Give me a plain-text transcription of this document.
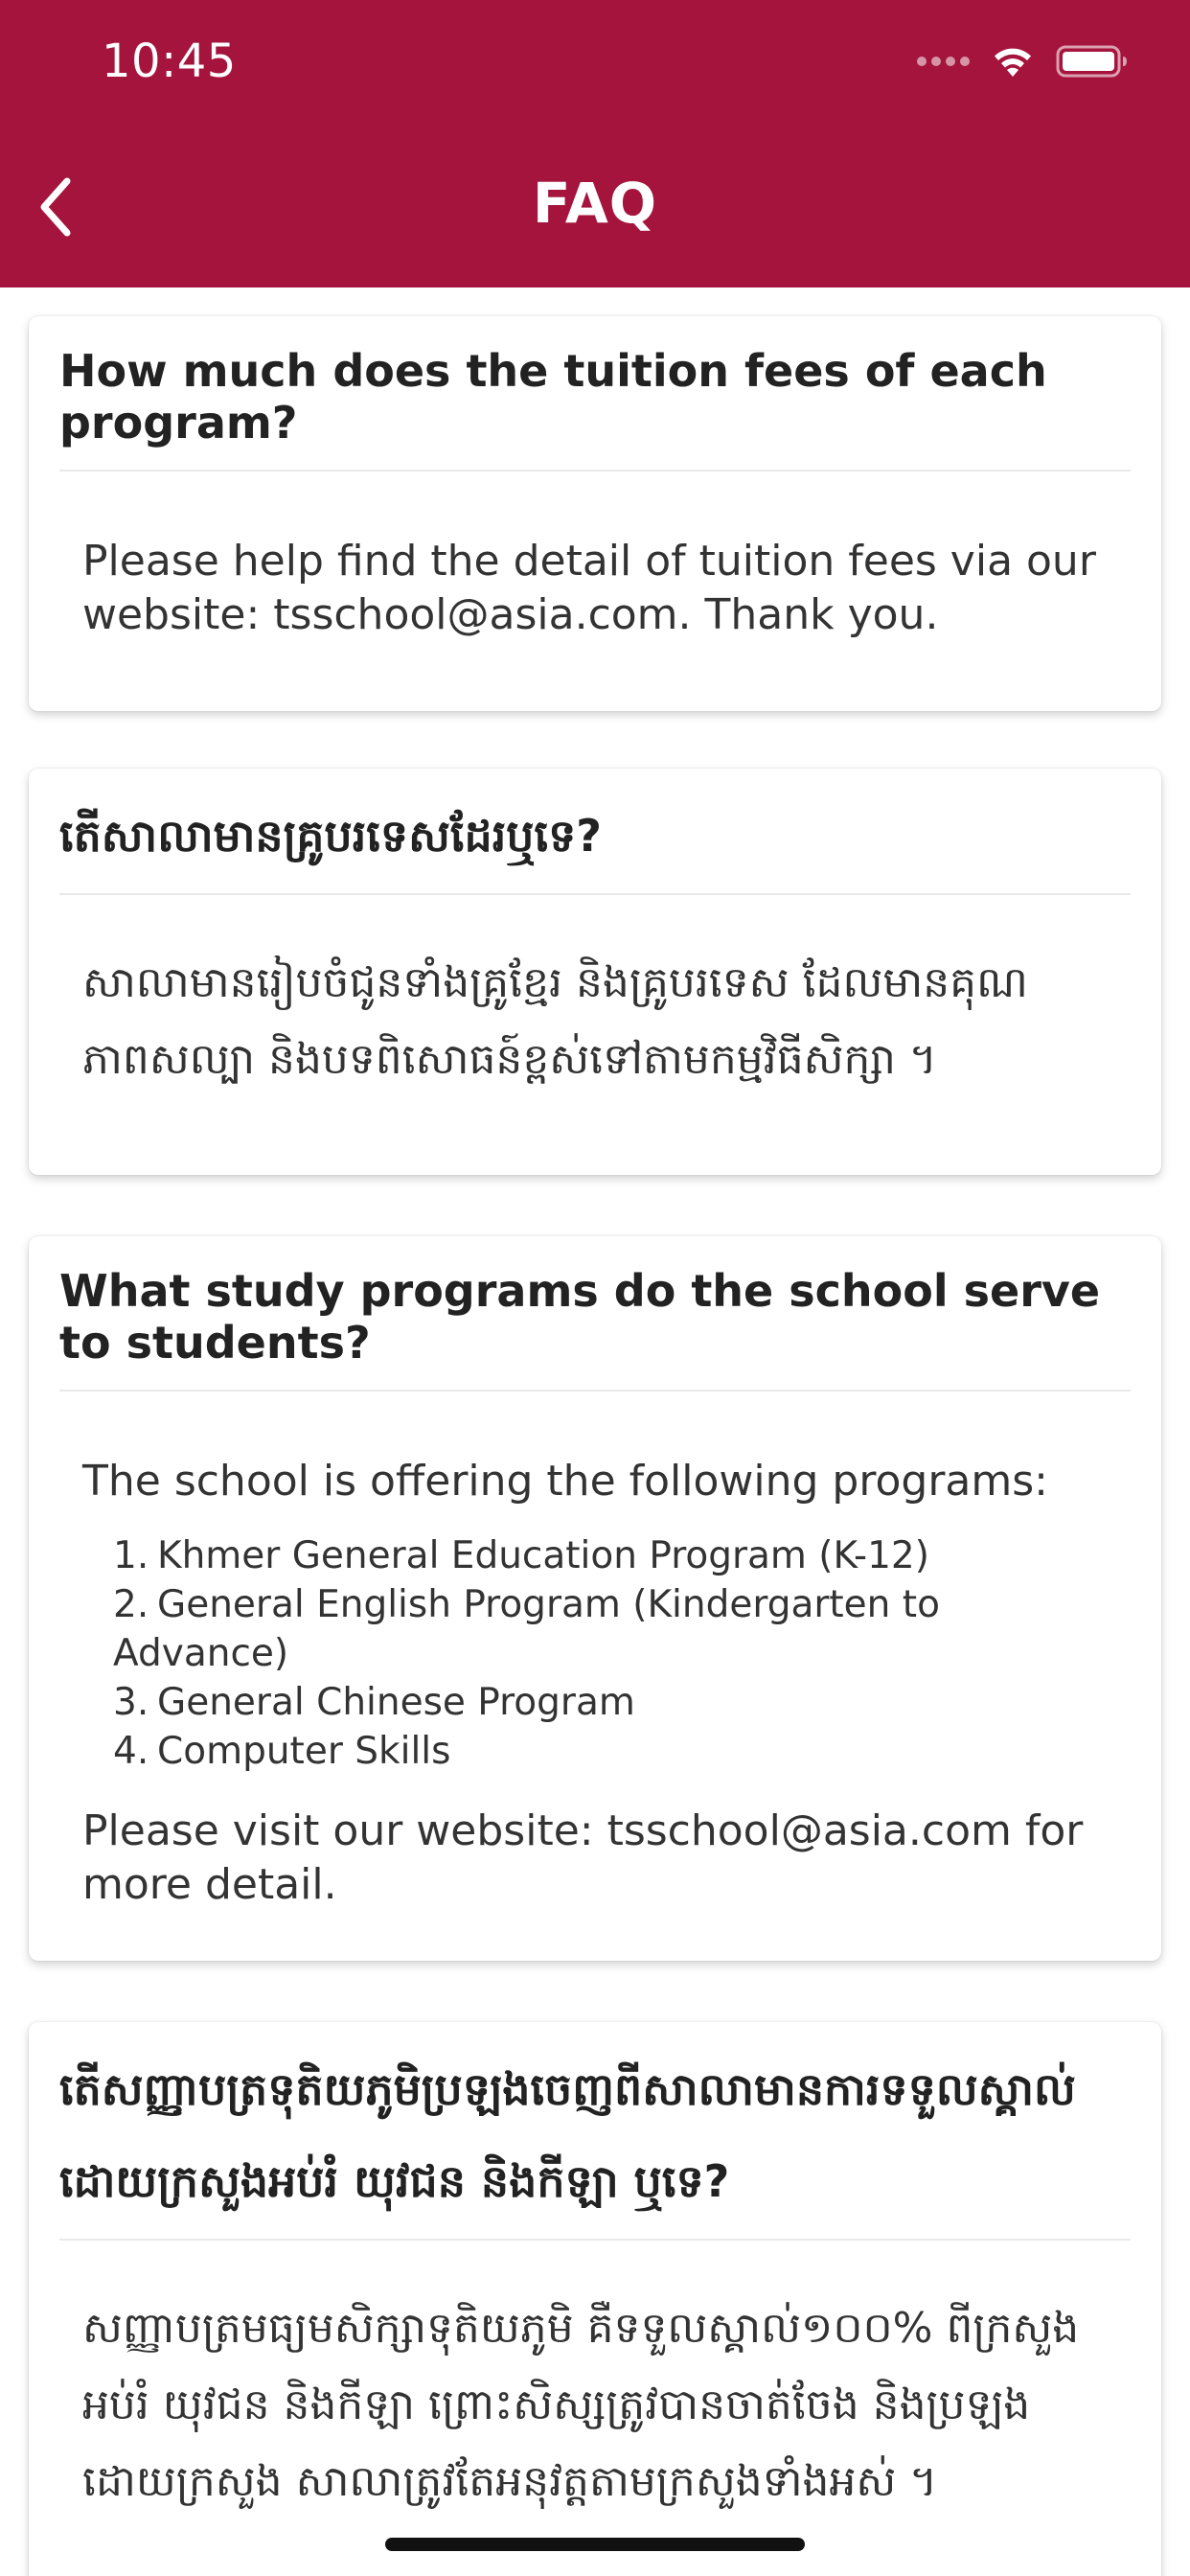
10:45
FAQ
How much does the tuition fees of each program?
Please help find the detail of tuition fees via our website: tsschool@asia.com. Thank you.
តើសាលាមានគ្រូបរទេសដែរឬទេ?
សាលាមានរៀបចំជូនទាំងគ្រូខ្មែរ និងគ្រូបរទេស ដែលមានគុណភាពសល្បា និងបទពិសោធន៍ខ្ពស់ទៅតាមកម្មវិធីសិក្សា ។
What study programs do the school serve to students?
The school is offering the following programs:
1. Khmer General Education Program (K-12)
2. General English Program (Kindergarten to Advance)
3. General Chinese Program
4. Computer Skills
Please visit our website: tsschool@asia.com for more detail.
តើសញ្ញាបត្រទុតិយភូមិប្រឡងចេញពីសាលាមានការទទួលស្គាល់ដោយក្រសួងអប់រំ យុវជន និងកីឡា ឬទេ?
សញ្ញាបត្រមធ្យមសិក្សាទុតិយភូមិ គឺទទួលស្គាល់១០០% ពីក្រសួងអប់រំ យុវជន និងកីឡា ព្រោះសិស្សត្រូវបានចាត់ចែង និងប្រឡងដោយក្រសួង សាលាត្រូវតែអនុវត្តតាមក្រសួងទាំងអស់ ។
